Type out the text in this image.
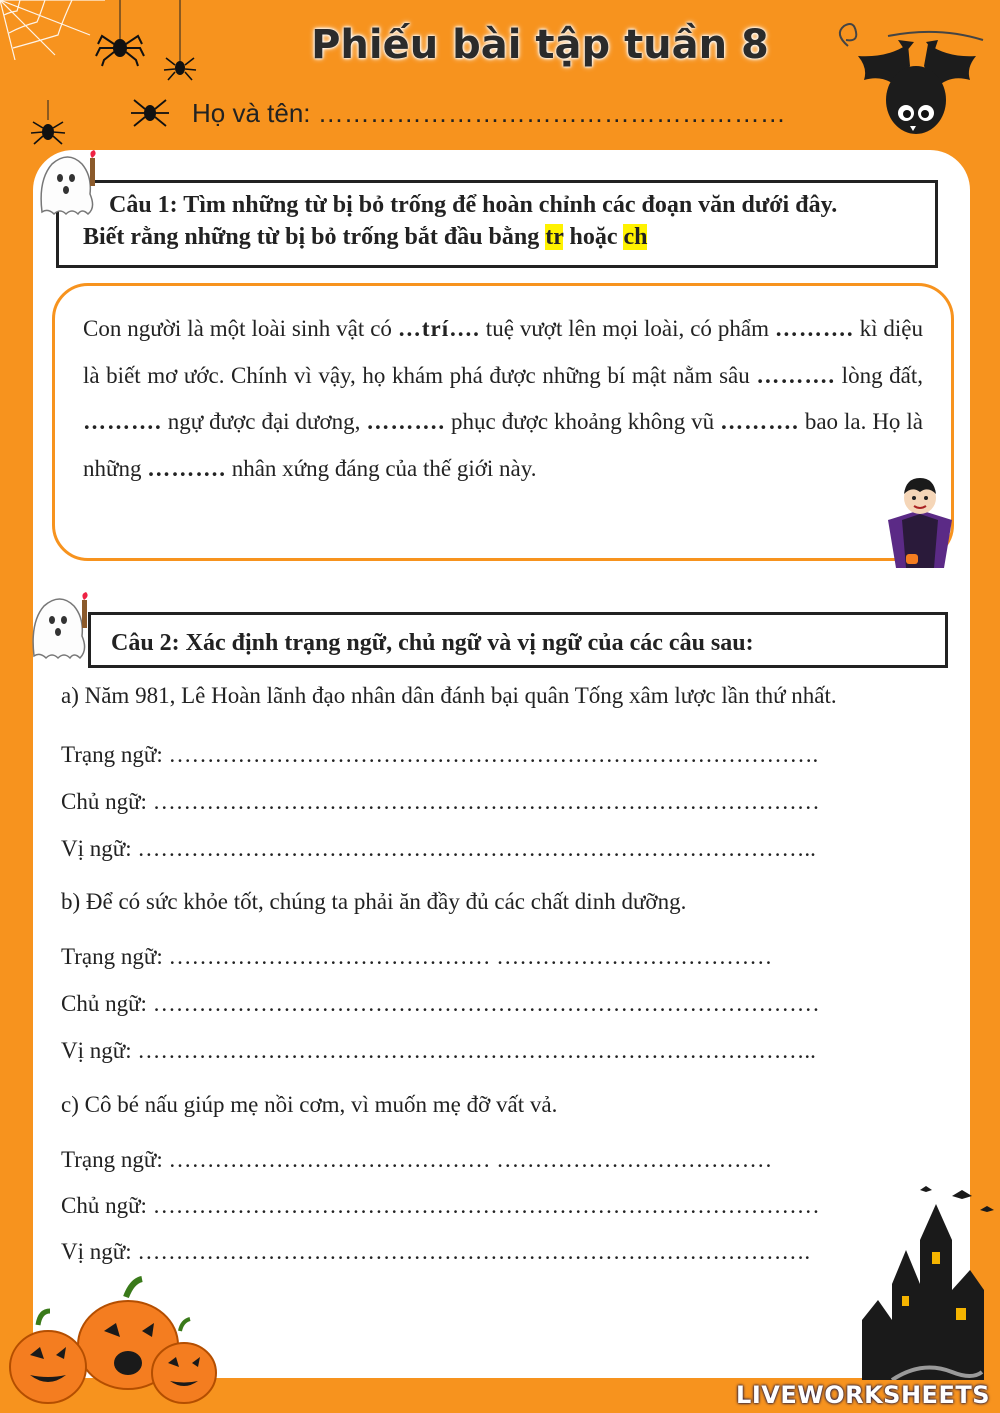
Phiếu bài tập tuần 8
Họ và tên: ………………………………………………
Câu 1: Tìm những từ bị bỏ trống để hoàn chỉnh các đoạn văn dưới đây.
Biết rằng những từ bị bỏ trống bắt đầu bằng tr hoặc ch
Con người là một loài sinh vật có …trí…. tuệ vượt lên mọi loài, có phẩm ………. kì diệu là biết mơ ước. Chính vì vậy, họ khám phá được những bí mật nằm sâu ………. lòng đất, ………. ngự được đại dương, ………. phục được khoảng không vũ ………. bao la. Họ là những ………. nhân xứng đáng của thế giới này.
Câu 2: Xác định trạng ngữ, chủ ngữ và vị ngữ của các câu sau:
a) Năm 981, Lê Hoàn lãnh đạo nhân dân đánh bại quân Tống xâm lược lần thứ nhất.
Trạng ngữ: ………………………………………………………………………….
Chủ ngữ: ……………………………………………………………………………
Vị ngữ: ……………………………………………………………………………..
b) Để có sức khỏe tốt, chúng ta phải ăn đầy đủ các chất dinh dưỡng.
Trạng ngữ: …………………………………… ………………………………
Chủ ngữ: ……………………………………………………………………………
Vị ngữ: ……………………………………………………………………………..
c) Cô bé nấu giúp mẹ nồi cơm, vì muốn mẹ đỡ vất vả.
Trạng ngữ: …………………………………… ………………………………
Chủ ngữ: ……………………………………………………………………………
Vị ngữ: …………………………………………………………………………….
LIVEWORKSHEETS
